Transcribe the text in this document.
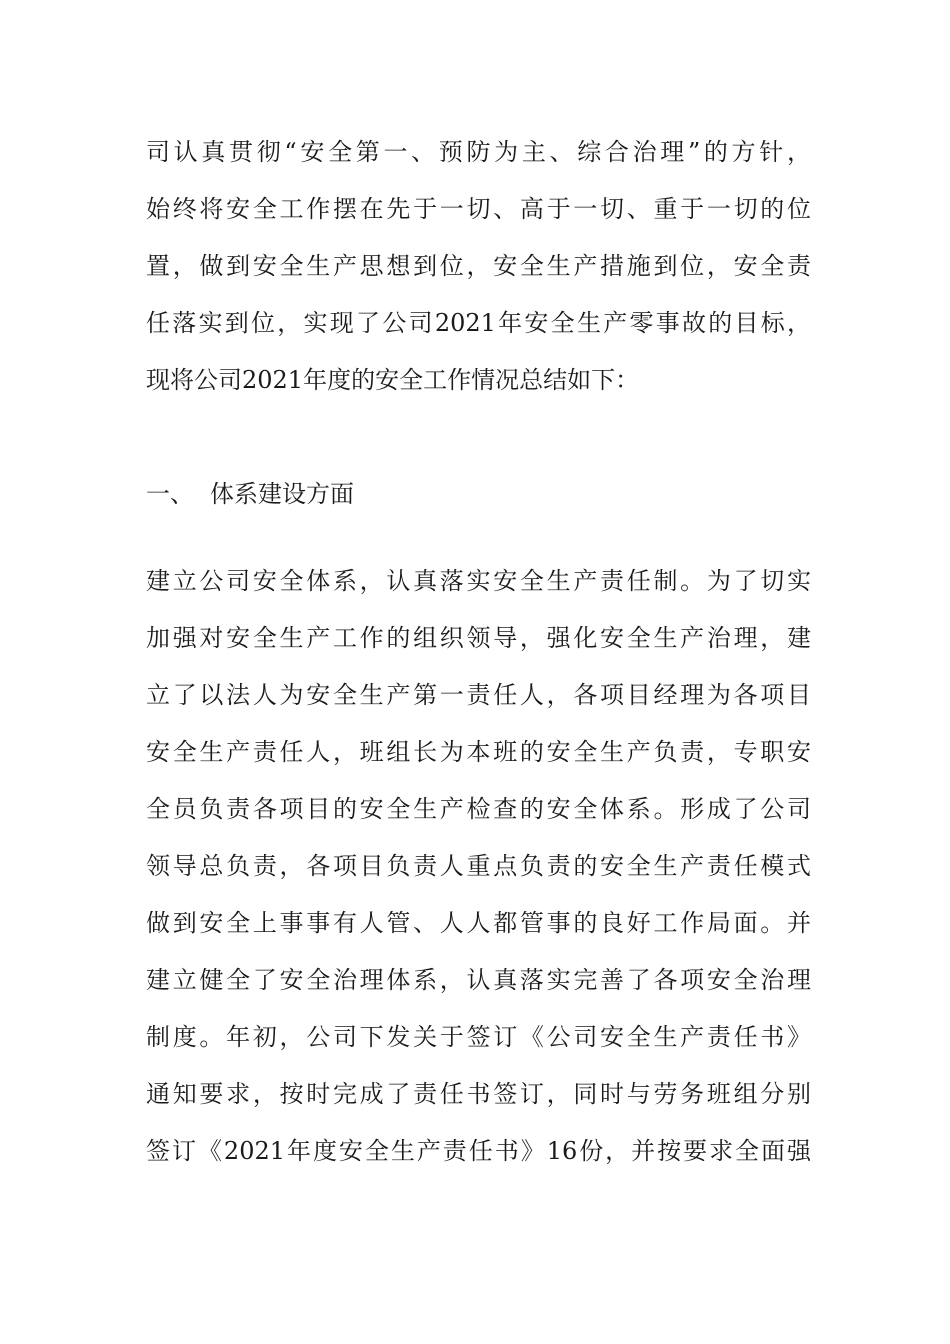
司认真贯彻“安全第一、预防为主、综合治理”的方针，
始终将安全工作摆在先于一切、高于一切、重于一切的位
置，做到安全生产思想到位，安全生产措施到位，安全责
任落实到位，实现了公司2021年安全生产零事故的目标，
现将公司2021年度的安全工作情况总结如下：

一、 体系建设方面

建立公司安全体系，认真落实安全生产责任制。为了切实
加强对安全生产工作的组织领导，强化安全生产治理，建
立了以法人为安全生产第一责任人，各项目经理为各项目
安全生产责任人，班组长为本班的安全生产负责，专职安
全员负责各项目的安全生产检查的安全体系。形成了公司
领导总负责，各项目负责人重点负责的安全生产责任模式
做到安全上事事有人管、人人都管事的良好工作局面。并
建立健全了安全治理体系，认真落实完善了各项安全治理
制度。年初，公司下发关于签订《公司安全生产责任书》
通知要求，按时完成了责任书签订，同时与劳务班组分别
签订《2021年度安全生产责任书》16份，并按要求全面强
